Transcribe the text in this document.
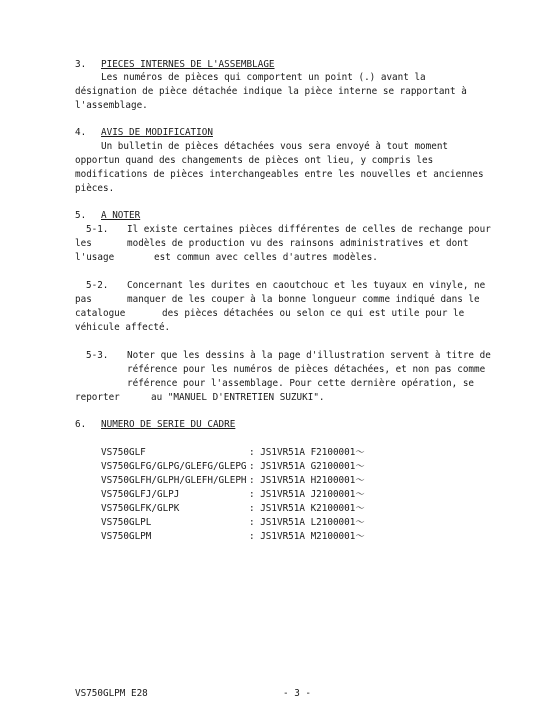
3. PIECES INTERNES DE L'ASSEMBLAGE
Les numéros de pièces qui comportent un point (.) avant la
désignation de pièce détachée indique la pièce interne se rapportant à
l'assemblage.
4. AVIS DE MODIFICATION
Un bulletin de pièces détachées vous sera envoyé à tout moment
opportun quand des changements de pièces ont lieu, y compris les
modifications de pièces interchangeables entre les nouvelles et anciennes
pièces.
5. A NOTER
5-1. Il existe certaines pièces différentes de celles de rechange pour
les	modèles de production vu des rainsons administratives et dont
l'usage	est commun avec celles d'autres modèles.
5-2. Concernant les durites en caoutchouc et les tuyaux en vinyle, ne
pas	manquer de les couper à la bonne longueur comme indiqué dans le
catalogue	des pièces détachées ou selon ce qui est utile pour le
véhicule affecté.
5-3. Noter que les dessins à la page d'illustration servent à titre de
référence pour les numéros de pièces détachées, et non pas comme
référence pour l'assemblage. Pour cette dernière opération, se
reporter	au "MANUEL D'ENTRETIEN SUZUKI".
6. NUMERO DE SERIE DU CADRE
VS750GLF	: JS1VR51A F2100001～
VS750GLFG/GLPG/GLEFG/GLEPG : JS1VR51A G2100001～
VS750GLFH/GLPH/GLEFH/GLEPH : JS1VR51A H2100001～
VS750GLFJ/GLPJ	: JS1VR51A J2100001～
VS750GLFK/GLPK	: JS1VR51A K2100001～
VS750GLPL	: JS1VR51A L2100001～
VS750GLPM	: JS1VR51A M2100001～
VS750GLPM E28	- 3 -
